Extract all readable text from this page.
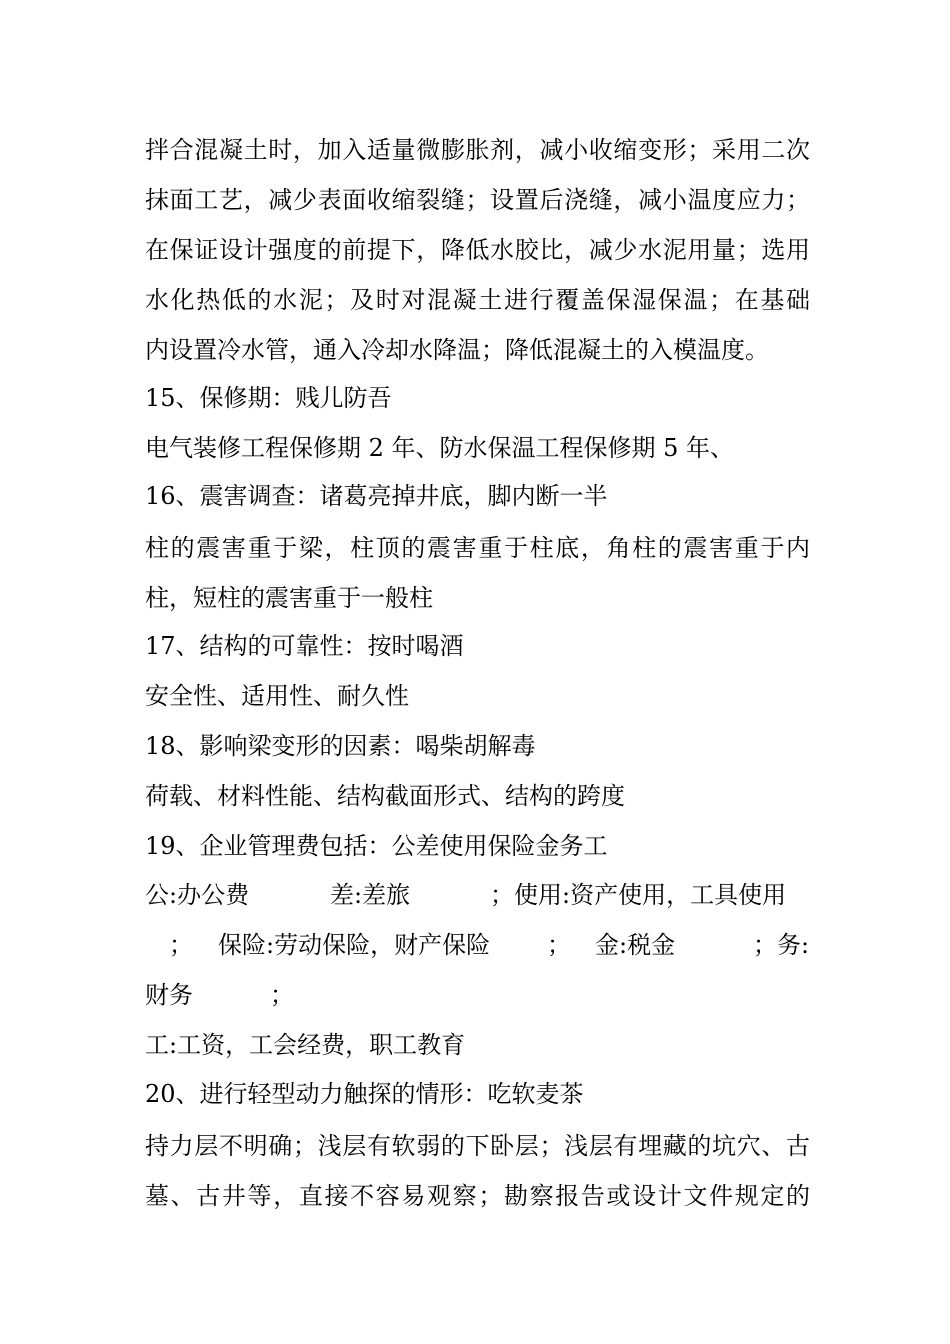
拌合混凝土时，加入适量微膨胀剂，减小收缩变形；采用二次
抹面工艺，减少表面收缩裂缝；设置后浇缝，减小温度应力；
在保证设计强度的前提下，降低水胶比，减少水泥用量；选用
水化热低的水泥；及时对混凝土进行覆盖保湿保温；在基础
内设置冷水管，通入冷却水降温；降低混凝土的入模温度。
15、保修期：贱儿防吾
电气装修工程保修期 2 年、防水保温工程保修期 5 年、
16、震害调查：诸葛亮掉井底，脚内断一半
柱的震害重于梁，柱顶的震害重于柱底，角柱的震害重于内
柱，短柱的震害重于一般柱
17、结构的可靠性：按时喝酒
安全性、适用性、耐久性
18、影响梁变形的因素：喝柴胡解毒
荷载、材料性能、结构截面形式、结构的跨度
19、企业管理费包括：公差使用保险金务工
公:办公费	差:差旅	；使用:资产使用，工具使用
； 保险:劳动保险，财产保险 ； 金:税金	；务:
财务	；
工:工资，工会经费，职工教育
20、进行轻型动力触探的情形：吃软麦茶
持力层不明确；浅层有软弱的下卧层；浅层有埋藏的坑穴、古
墓、古井等，直接不容易观察；勘察报告或设计文件规定的
